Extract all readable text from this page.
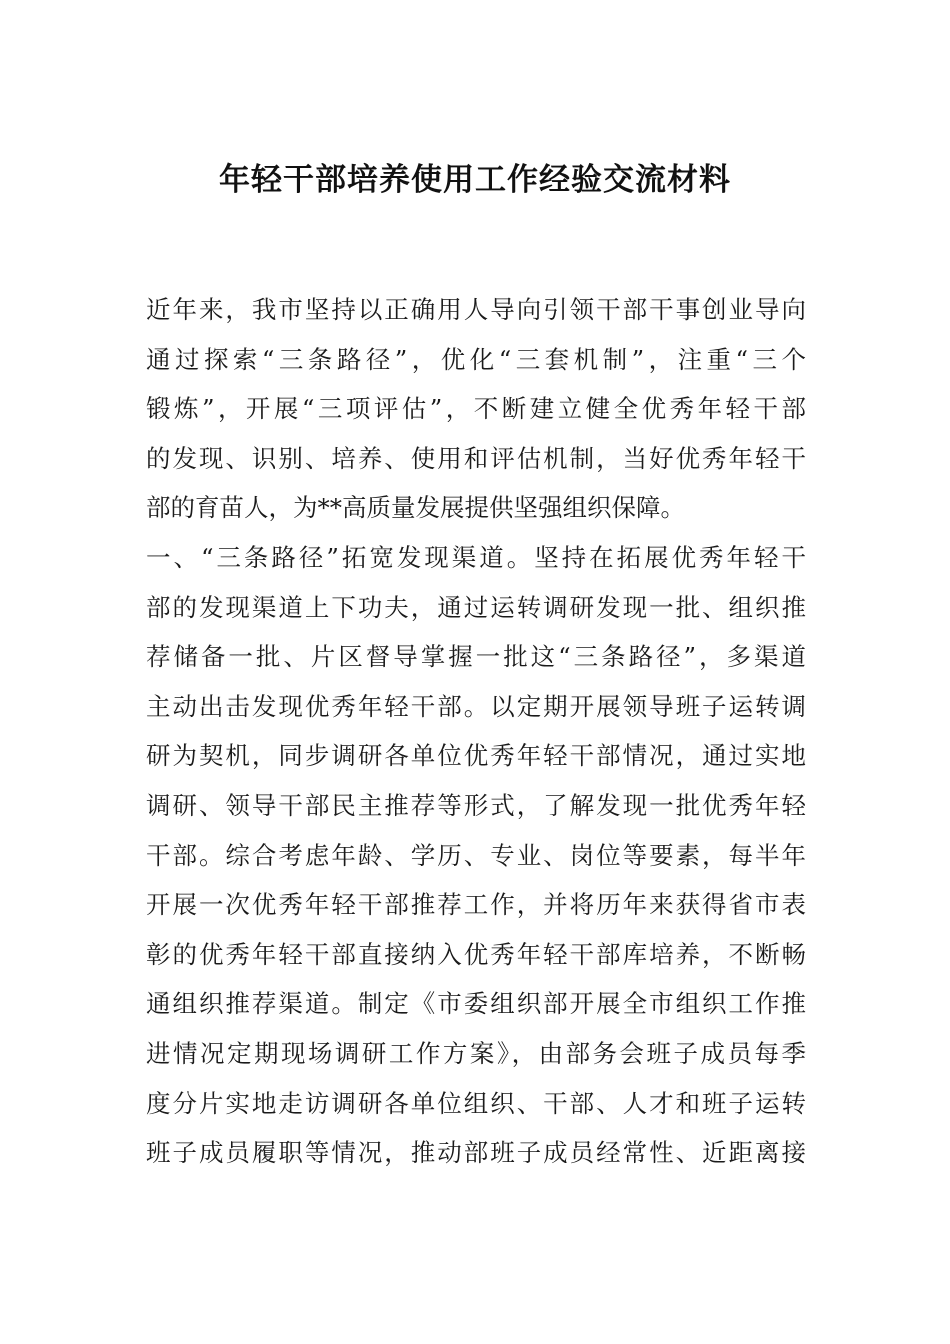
年轻干部培养使用工作经验交流材料
近年来，我市坚持以正确用人导向引领干部干事创业导向
通过探索“三条路径”，优化“三套机制”，注重“三个
锻炼”，开展“三项评估”，不断建立健全优秀年轻干部
的发现、识别、培养、使用和评估机制，当好优秀年轻干
部的育苗人，为**高质量发展提供坚强组织保障。
一、“三条路径”拓宽发现渠道。坚持在拓展优秀年轻干
部的发现渠道上下功夫，通过运转调研发现一批、组织推
荐储备一批、片区督导掌握一批这“三条路径”，多渠道
主动出击发现优秀年轻干部。以定期开展领导班子运转调
研为契机，同步调研各单位优秀年轻干部情况，通过实地
调研、领导干部民主推荐等形式，了解发现一批优秀年轻
干部。综合考虑年龄、学历、专业、岗位等要素，每半年
开展一次优秀年轻干部推荐工作，并将历年来获得省市表
彰的优秀年轻干部直接纳入优秀年轻干部库培养，不断畅
通组织推荐渠道。制定《市委组织部开展全市组织工作推
进情况定期现场调研工作方案》，由部务会班子成员每季
度分片实地走访调研各单位组织、干部、人才和班子运转
班子成员履职等情况，推动部班子成员经常性、近距离接
